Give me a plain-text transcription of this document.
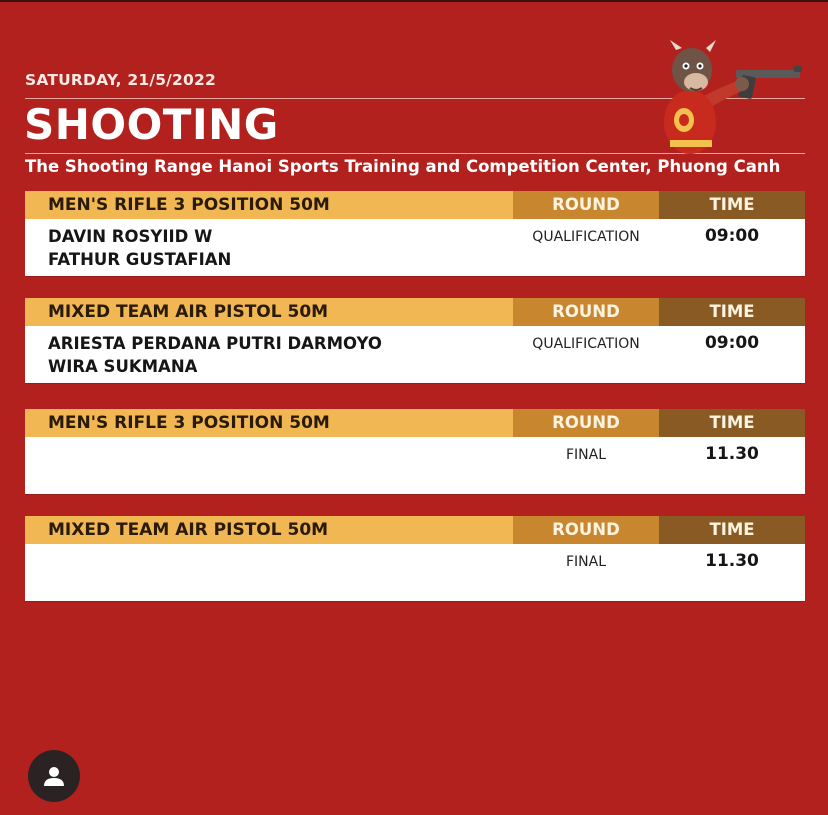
SATURDAY, 21/5/2022
SHOOTING
The Shooting Range Hanoi Sports Training and Competition Center, Phuong Canh
MEN'S RIFLE 3 POSITION 50M	ROUND	TIME
DAVIN ROSYIID W
FATHUR GUSTAFIAN
QUALIFICATION	09:00
MIXED TEAM AIR PISTOL 50M	ROUND	TIME
ARIESTA PERDANA PUTRI DARMOYO
WIRA SUKMANA
QUALIFICATION	09:00
MEN'S RIFLE 3 POSITION 50M	ROUND	TIME
FINAL	11.30
MIXED TEAM AIR PISTOL 50M	ROUND	TIME
FINAL	11.30
